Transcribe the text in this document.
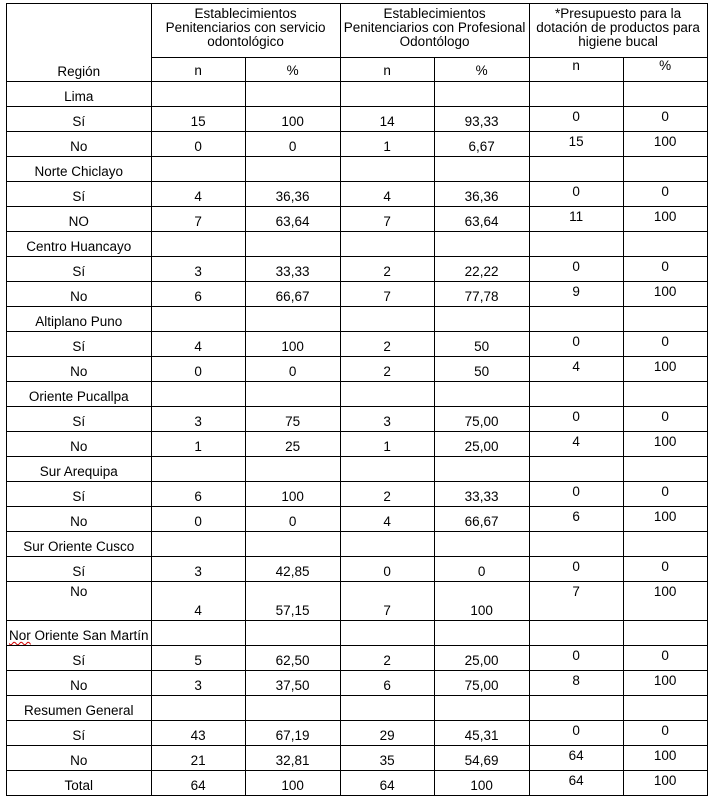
Región	Establecimientos Penitenciarios con servicio odontológico		Establecimientos Penitenciarios con Profesional Odontólogo		*Presupuesto para la dotación de productos para higiene bucal	
	n	%	n	%	n	%
Lima						
Sí	15	100	14	93,33	0	0
No	0	0	1	6,67	15	100
Norte Chiclayo						
Sí	4	36,36	4	36,36	0	0
NO	7	63,64	7	63,64	11	100
Centro Huancayo						
Sí	3	33,33	2	22,22	0	0
No	6	66,67	7	77,78	9	100
Altiplano Puno						
Sí	4	100	2	50	0	0
No	0	0	2	50	4	100
Oriente Pucallpa						
Sí	3	75	3	75,00	0	0
No	1	25	1	25,00	4	100
Sur Arequipa						
Sí	6	100	2	33,33	0	0
No	0	0	4	66,67	6	100
Sur Oriente Cusco						
Sí	3	42,85	0	0	0	0
No	4	57,15	7	100	7	100
Nor Oriente San Martín						
Sí	5	62,50	2	25,00	0	0
No	3	37,50	6	75,00	8	100
Resumen General						
Sí	43	67,19	29	45,31	0	0
No	21	32,81	35	54,69	64	100
Total	64	100	64	100	64	100
